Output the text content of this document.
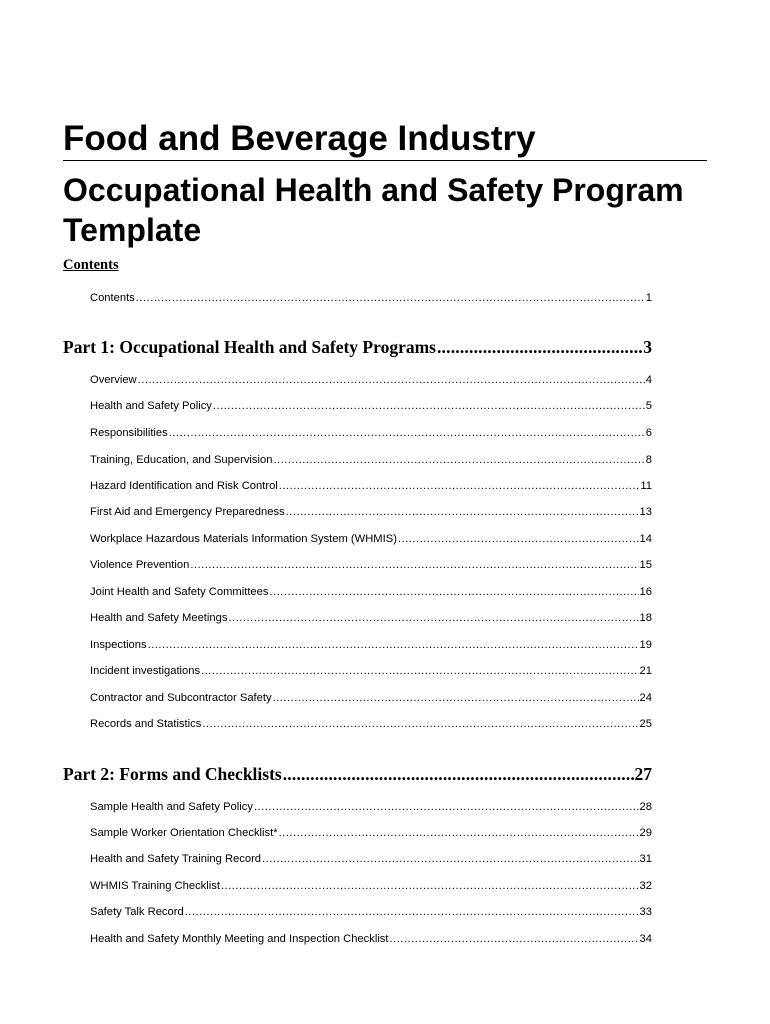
Food and Beverage Industry
Occupational Health and Safety Program Template
Contents
Contents .....	1
Part 1: Occupational Health and Safety Programs .....	3
Overview .....	4
Health and Safety Policy .....	5
Responsibilities .....	6
Training, Education, and Supervision .....	8
Hazard Identification and Risk Control .....	11
First Aid and Emergency Preparedness .....	13
Workplace Hazardous Materials Information System (WHMIS) .....	14
Violence Prevention .....	15
Joint Health and Safety Committees .....	16
Health and Safety Meetings .....	18
Inspections .....	19
Incident investigations .....	21
Contractor and Subcontractor Safety .....	24
Records and Statistics .....	25
Part 2: Forms and Checklists .....	27
Sample Health and Safety Policy .....	28
Sample Worker Orientation Checklist* .....	29
Health and Safety Training Record .....	31
WHMIS Training Checklist .....	32
Safety Talk Record .....	33
Health and Safety Monthly Meeting and Inspection Checklist .....	34
